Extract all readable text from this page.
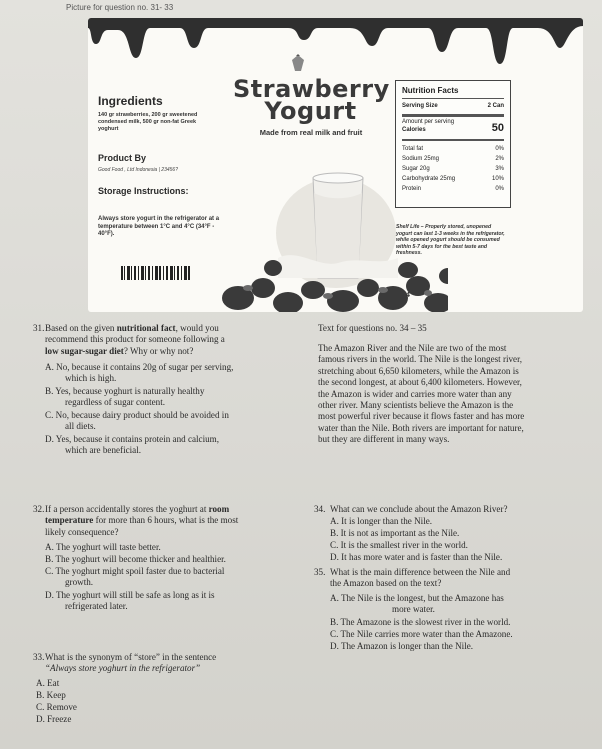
Picture for question no. 31- 33
Ingredients
140 gr strawberries, 200 gr sweetened condensed milk, 500 gr non-fat Greek yoghurt
Product By
Good Food , Ltd Indonesia | 23456?
Storage Instructions:
Always store yogurt in the refrigerator at a temperature between 1°C and 4°C (34°F - 40°F).
Strawberry
Yogurt
Made from real milk and fruit
Nutrition Facts
Serving Size	2 Can
Amount per serving
Calories	50
Total fat	0%
Sodium 25mg	2%
Sugar 20g	3%
Carbohydrate 25mg	10%
Protein	0%
Shelf Life – Properly stored, unopened yogurt can last 1-3 weeks in the refrigerator, while opened yogurt should be consumed within 5-7 days for the best taste and freshness.
4
31. Based on the given nutritional fact, would you
recommend this product for someone following a
low sugar-sugar diet? Why or why not?
A. No, because it contains 20g of sugar per serving,
which is high.
B. Yes, because yoghurt is naturally healthy
regardless of sugar content.
C. No, because dairy product should be avoided in
all diets.
D. Yes, because it contains protein and calcium,
which are beneficial.
32. If a person accidentally stores the yoghurt at room
temperature for more than 6 hours, what is the most
likely consequence?
A. The yoghurt will taste better.
B. The yoghurt will become thicker and healthier.
C. The yoghurt might spoil faster due to bacterial
growth.
D. The yoghurt will still be safe as long as it is
refrigerated later.
33. What is the synonym of “store” in the sentence
“Always store yoghurt in the refrigerator”
A. Eat
B. Keep
C. Remove
D. Freeze
Text for questions no. 34 – 35
The Amazon River and the Nile are two of the most
famous rivers in the world. The Nile is the longest river,
stretching about 6,650 kilometers, while the Amazon is
the second longest, at about 6,400 kilometers. However,
the Amazon is wider and carries more water than any
other river. Many scientists believe the Amazon is the
most powerful river because it flows faster and has more
water than the Nile. Both rivers are important for nature,
but they are different in many ways.
34. What can we conclude about the Amazon River?
A. It is longer than the Nile.
B. It is not as important as the Nile.
C. It is the smallest river in the world.
D. It has more water and is faster than the Nile.
35. What is the main difference between the Nile and
the Amazon based on the text?
A. The Nile is the longest, but the Amazone has
more water.
B. The Amazone is the slowest river in the world.
C. The Nile carries more water than the Amazone.
D. The Amazon is longer than the Nile.
